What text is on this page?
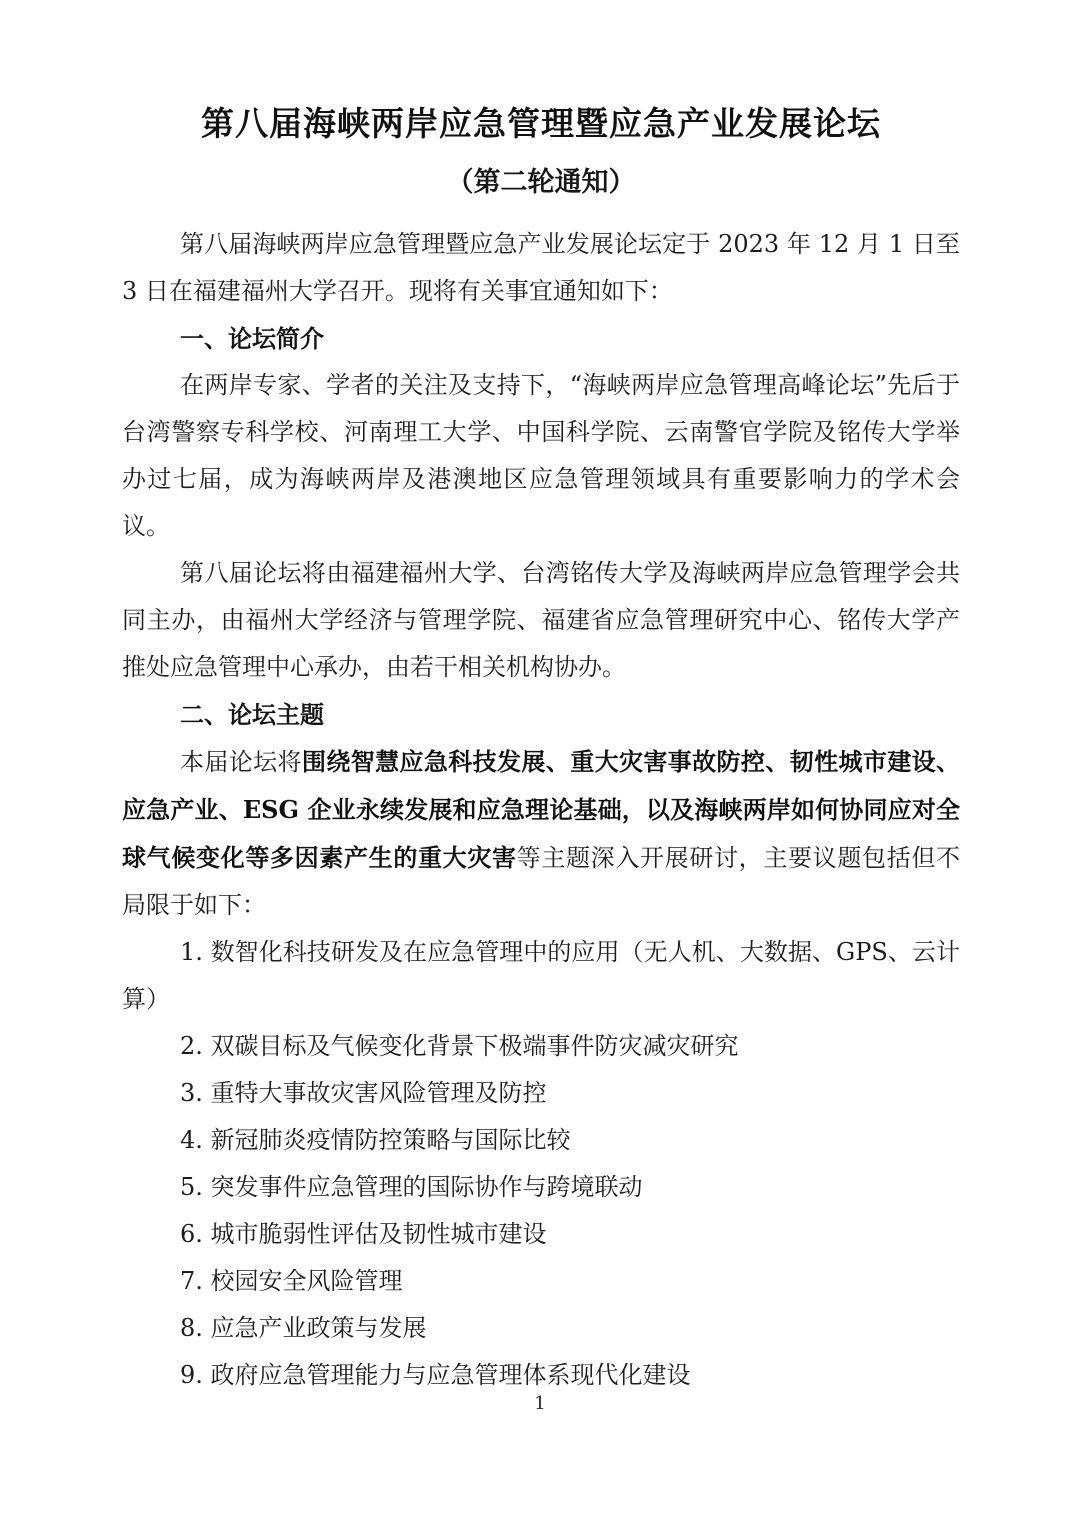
第八届海峡两岸应急管理暨应急产业发展论坛
（第二轮通知）

第八届海峡两岸应急管理暨应急产业发展论坛定于 2023 年 12 月 1 日至 3 日在福建福州大学召开。现将有关事宜通知如下：

一、论坛简介

在两岸专家、学者的关注及支持下，“海峡两岸应急管理高峰论坛”先后于台湾警察专科学校、河南理工大学、中国科学院、云南警官学院及铭传大学举办过七届，成为海峡两岸及港澳地区应急管理领域具有重要影响力的学术会议。

第八届论坛将由福建福州大学、台湾铭传大学及海峡两岸应急管理学会共同主办，由福州大学经济与管理学院、福建省应急管理研究中心、铭传大学产推处应急管理中心承办，由若干相关机构协办。

二、论坛主题

本届论坛将围绕智慧应急科技发展、重大灾害事故防控、韧性城市建设、应急产业、ESG 企业永续发展和应急理论基础，以及海峡两岸如何协同应对全球气候变化等多因素产生的重大灾害等主题深入开展研讨，主要议题包括但不局限于如下：

1. 数智化科技研发及在应急管理中的应用（无人机、大数据、GPS、云计算）

2. 双碳目标及气候变化背景下极端事件防灾减灾研究

3. 重特大事故灾害风险管理及防控

4. 新冠肺炎疫情防控策略与国际比较

5. 突发事件应急管理的国际协作与跨境联动

6. 城市脆弱性评估及韧性城市建设

7. 校园安全风险管理

8. 应急产业政策与发展

9. 政府应急管理能力与应急管理体系现代化建设

1
